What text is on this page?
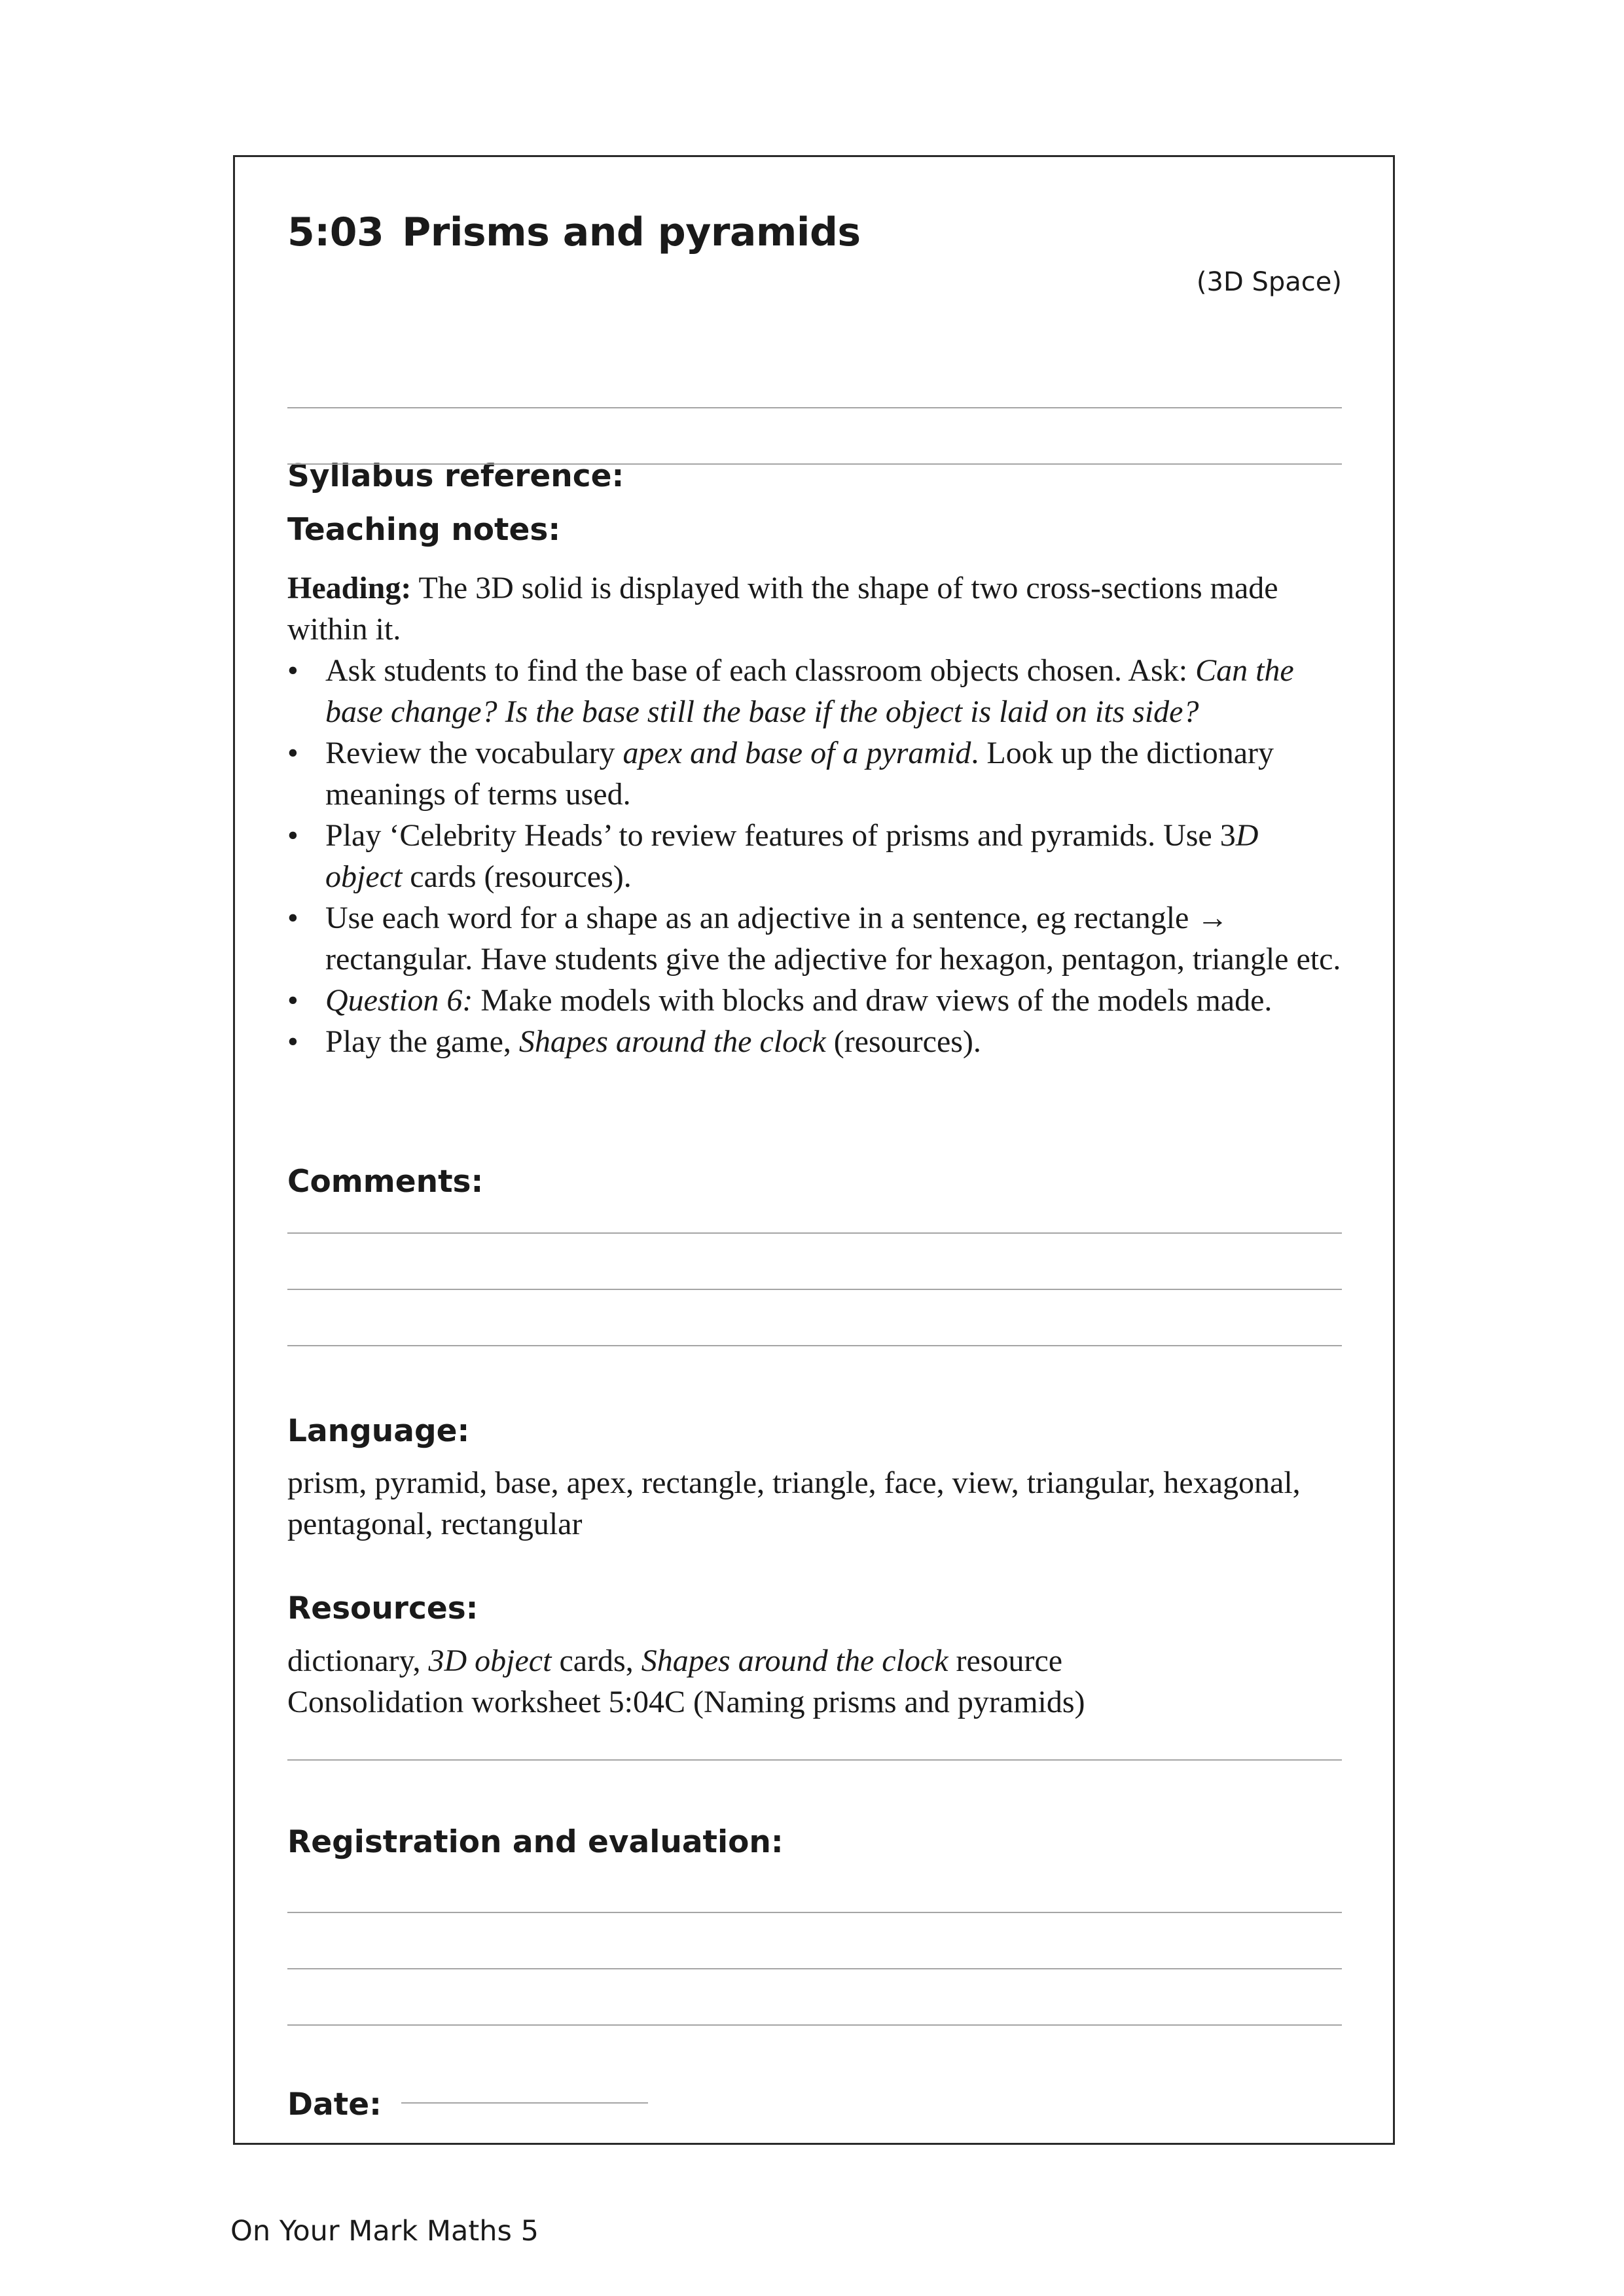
5:03 Prisms and pyramids
(3D Space)
Syllabus reference:
Teaching notes:

Heading: The 3D solid is displayed with the shape of two cross-sections made within it.

• Ask students to find the base of each classroom objects chosen. Ask: Can the base change? Is the base still the base if the object is laid on its side?
• Review the vocabulary apex and base of a pyramid. Look up the dictionary meanings of terms used.
• Play ‘Celebrity Heads’ to review features of prisms and pyramids. Use 3D object cards (resources).
• Use each word for a shape as an adjective in a sentence, eg rectangle → rectangular. Have students give the adjective for hexagon, pentagon, triangle etc.
• Question 6: Make models with blocks and draw views of the models made.
• Play the game, Shapes around the clock (resources).
Comments:
Language:
prism, pyramid, base, apex, rectangle, triangle, face, view, triangular, hexagonal, pentagonal, rectangular
Resources:
dictionary, 3D object cards, Shapes around the clock resource
Consolidation worksheet 5:04C (Naming prisms and pyramids)
Registration and evaluation:
Date:
On Your Mark Maths 5
